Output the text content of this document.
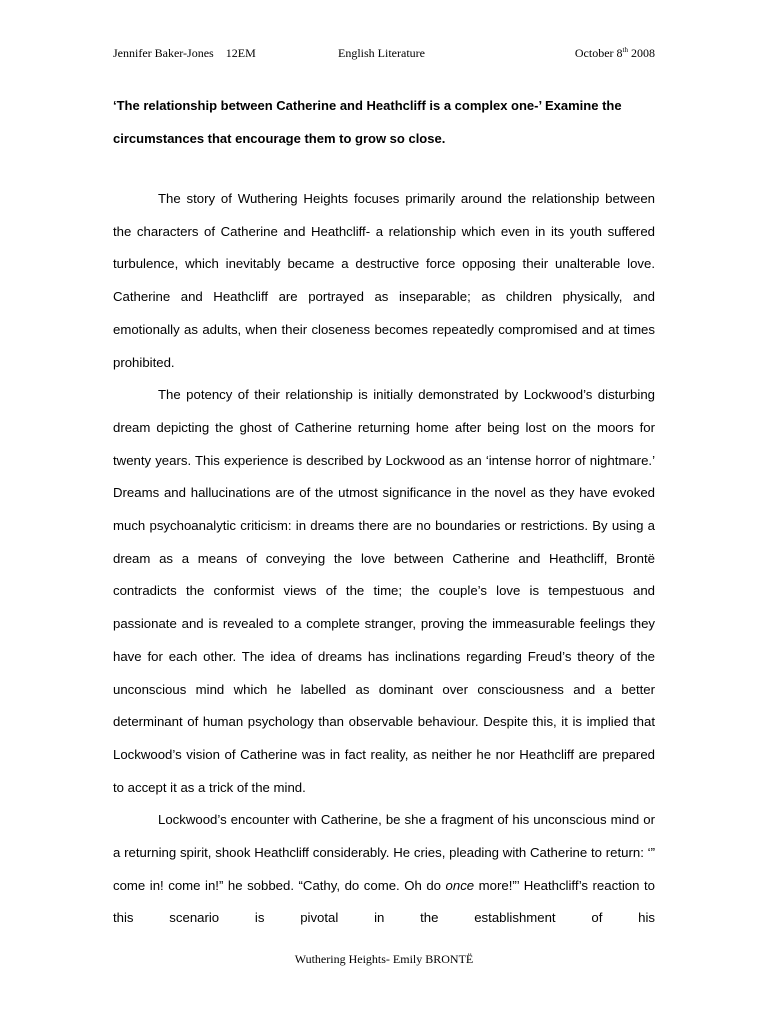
Jennifer Baker-Jones 12EM	English Literature	October 8th 2008
‘The relationship between Catherine and Heathcliff is a complex one-’ Examine the circumstances that encourage them to grow so close.

The story of Wuthering Heights focuses primarily around the relationship between the characters of Catherine and Heathcliff- a relationship which even in its youth suffered turbulence, which inevitably became a destructive force opposing their unalterable love. Catherine and Heathcliff are portrayed as inseparable; as children physically, and emotionally as adults, when their closeness becomes repeatedly compromised and at times prohibited.

The potency of their relationship is initially demonstrated by Lockwood’s disturbing dream depicting the ghost of Catherine returning home after being lost on the moors for twenty years. This experience is described by Lockwood as an ‘intense horror of nightmare.’ Dreams and hallucinations are of the utmost significance in the novel as they have evoked much psychoanalytic criticism: in dreams there are no boundaries or restrictions. By using a dream as a means of conveying the love between Catherine and Heathcliff, Brontë contradicts the conformist views of the time; the couple’s love is tempestuous and passionate and is revealed to a complete stranger, proving the immeasurable feelings they have for each other. The idea of dreams has inclinations regarding Freud’s theory of the unconscious mind which he labelled as dominant over consciousness and a better determinant of human psychology than observable behaviour. Despite this, it is implied that Lockwood’s vision of Catherine was in fact reality, as neither he nor Heathcliff are prepared to accept it as a trick of the mind.

Lockwood’s encounter with Catherine, be she a fragment of his unconscious mind or a returning spirit, shook Heathcliff considerably. He cries, pleading with Catherine to return: ‘” come in! come in!” he sobbed. “Cathy, do come. Oh do once more!”’ Heathcliff’s reaction to this scenario is pivotal in the establishment of his

Wuthering Heights- Emily BRONTË
